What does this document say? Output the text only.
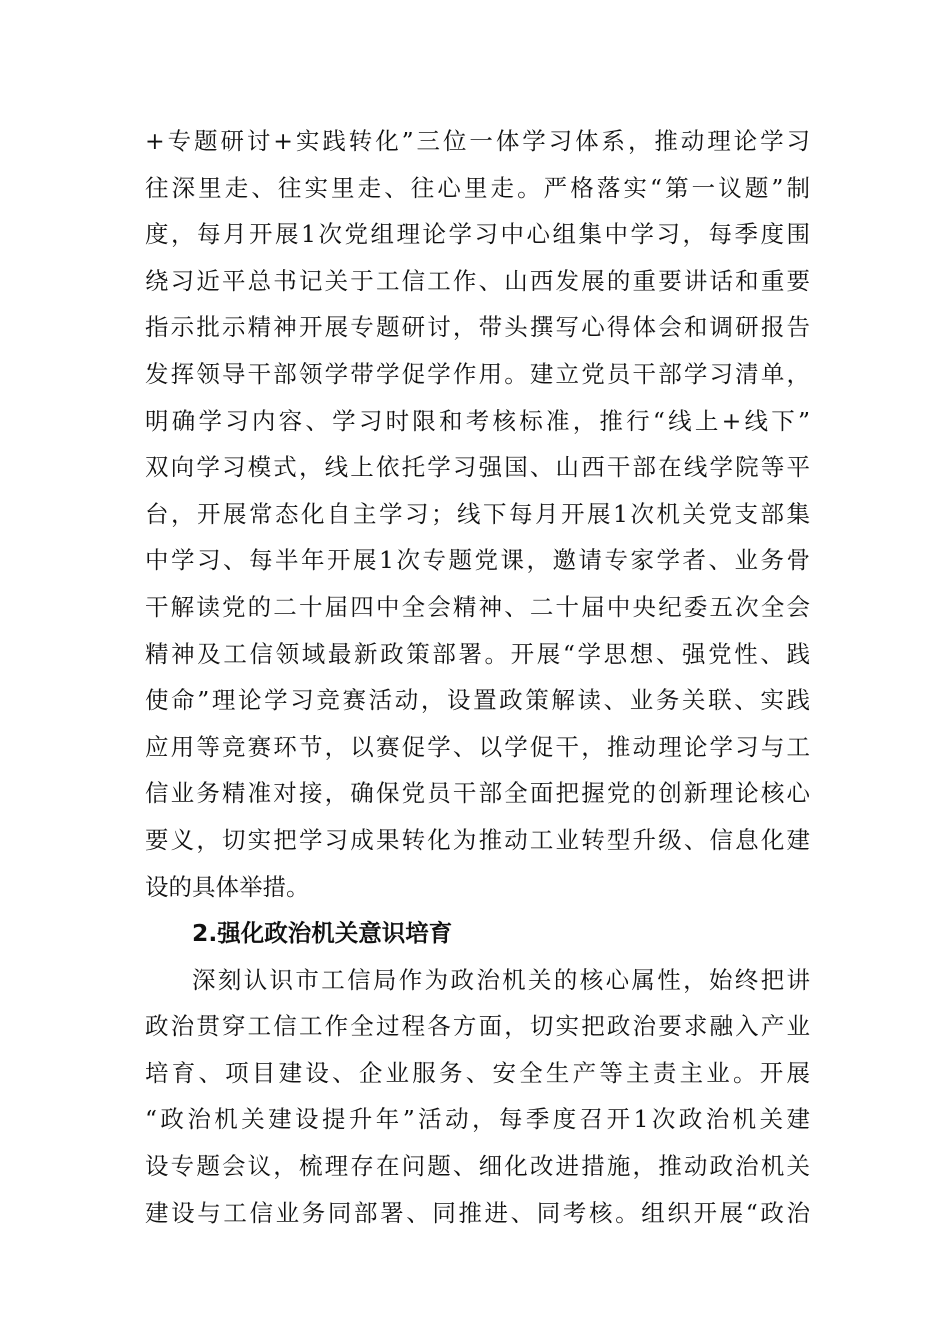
+专题研讨+实践转化”三位一体学习体系，推动理论学习
往深里走、往实里走、往心里走。严格落实“第一议题”制
度，每月开展1次党组理论学习中心组集中学习，每季度围
绕习近平总书记关于工信工作、山西发展的重要讲话和重要
指示批示精神开展专题研讨，带头撰写心得体会和调研报告
发挥领导干部领学带学促学作用。建立党员干部学习清单，
明确学习内容、学习时限和考核标准，推行“线上+线下”
双向学习模式，线上依托学习强国、山西干部在线学院等平
台，开展常态化自主学习；线下每月开展1次机关党支部集
中学习、每半年开展1次专题党课，邀请专家学者、业务骨
干解读党的二十届四中全会精神、二十届中央纪委五次全会
精神及工信领域最新政策部署。开展“学思想、强党性、践
使命”理论学习竞赛活动，设置政策解读、业务关联、实践
应用等竞赛环节，以赛促学、以学促干，推动理论学习与工
信业务精准对接，确保党员干部全面把握党的创新理论核心
要义，切实把学习成果转化为推动工业转型升级、信息化建
设的具体举措。
2.强化政治机关意识培育
深刻认识市工信局作为政治机关的核心属性，始终把讲
政治贯穿工信工作全过程各方面，切实把政治要求融入产业
培育、项目建设、企业服务、安全生产等主责主业。开展
“政治机关建设提升年”活动，每季度召开1次政治机关建
设专题会议，梳理存在问题、细化改进措施，推动政治机关
建设与工信业务同部署、同推进、同考核。组织开展“政治
